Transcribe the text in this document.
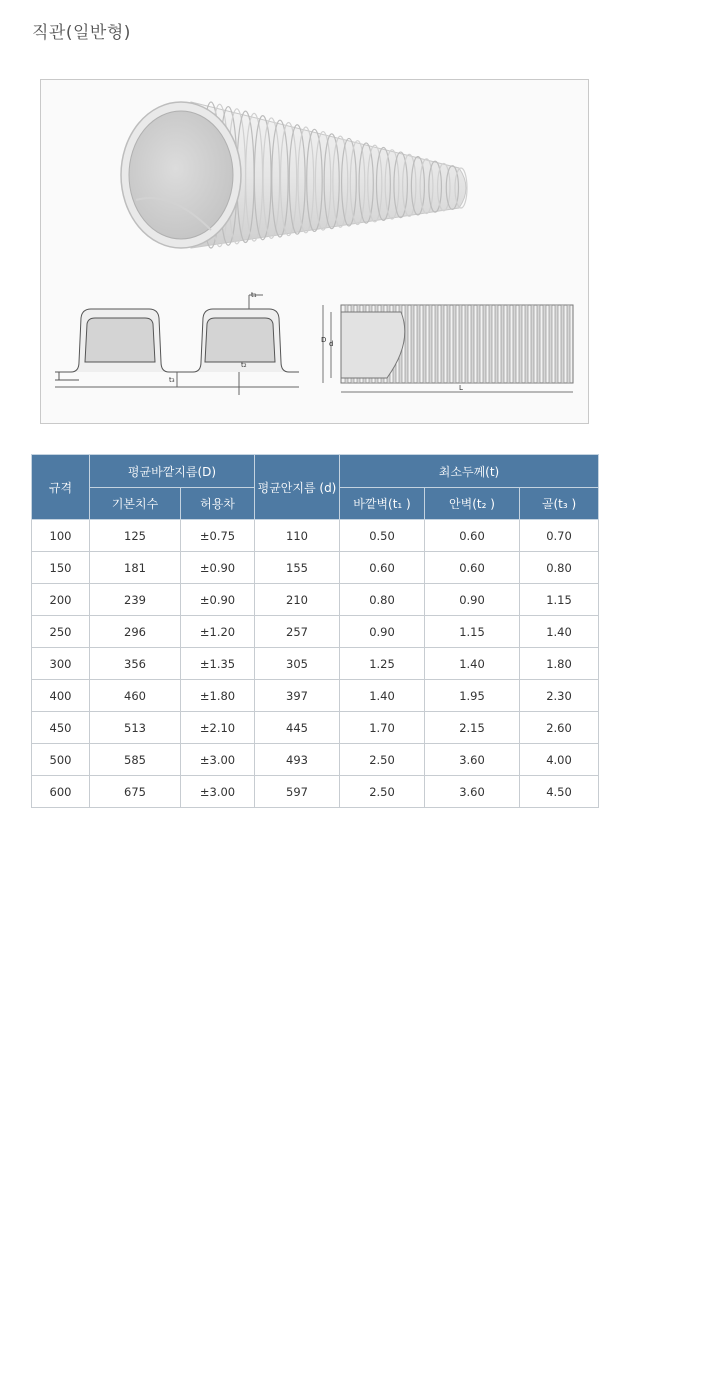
직관(일반형)
t₁
t₂
t₃
D d
L
규격	평균바깥지름(D)		평균안지름 (d)	최소두께(t)		
	기본치수	허용차		바깥벽(t₁ )	안벽(t₂ )	골(t₃ )
100	125	±0.75	110	0.50	0.60	0.70
150	181	±0.90	155	0.60	0.60	0.80
200	239	±0.90	210	0.80	0.90	1.15
250	296	±1.20	257	0.90	1.15	1.40
300	356	±1.35	305	1.25	1.40	1.80
400	460	±1.80	397	1.40	1.95	2.30
450	513	±2.10	445	1.70	2.15	2.60
500	585	±3.00	493	2.50	3.60	4.00
600	675	±3.00	597	2.50	3.60	4.50
